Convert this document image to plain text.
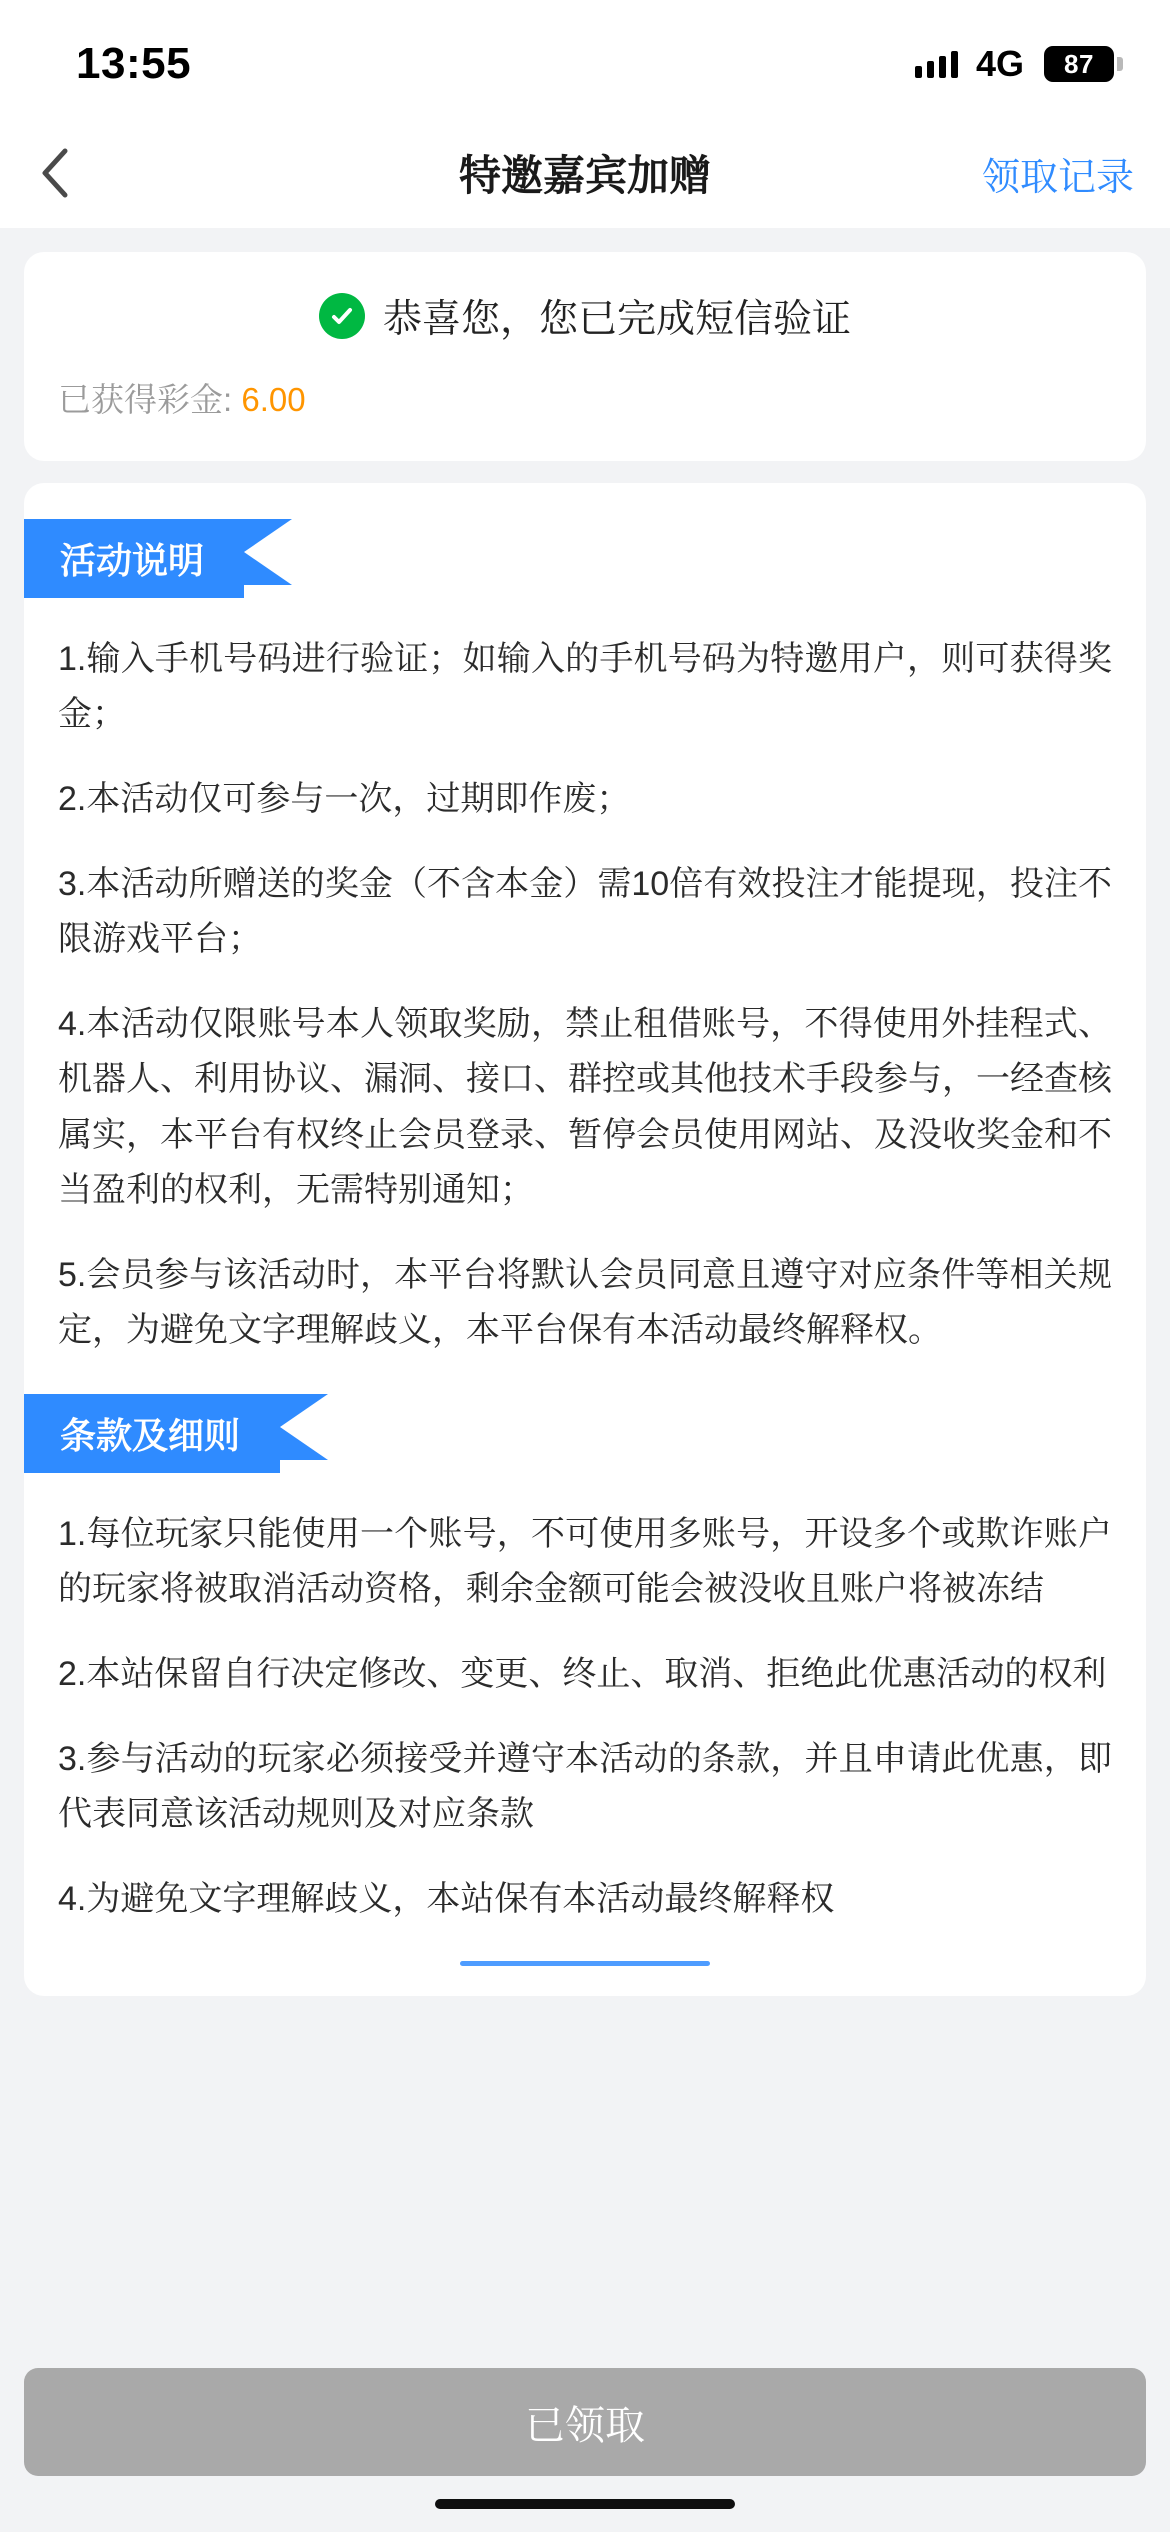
13:55	4G 87
特邀嘉宾加赠	领取记录
恭喜您，您已完成短信验证
已获得彩金: 6.00
活动说明

1.输入手机号码进行验证；如输入的手机号码为特邀用户，则可获得奖金；

2.本活动仅可参与一次，过期即作废；

3.本活动所赠送的奖金（不含本金）需10倍有效投注才能提现，投注不限游戏平台；

4.本活动仅限账号本人领取奖励，禁止租借账号，不得使用外挂程式、机器人、利用协议、漏洞、接口、群控或其他技术手段参与，一经查核属实，本平台有权终止会员登录、暂停会员使用网站、及没收奖金和不当盈利的权利，无需特别通知；

5.会员参与该活动时，本平台将默认会员同意且遵守对应条件等相关规定，为避免文字理解歧义，本平台保有本活动最终解释权。

条款及细则

1.每位玩家只能使用一个账号，不可使用多账号，开设多个或欺诈账户的玩家将被取消活动资格，剩余金额可能会被没收且账户将被冻结

2.本站保留自行决定修改、变更、终止、取消、拒绝此优惠活动的权利

3.参与活动的玩家必须接受并遵守本活动的条款，并且申请此优惠，即代表同意该活动规则及对应条款

4.为避免文字理解歧义，本站保有本活动最终解释权

已领取
